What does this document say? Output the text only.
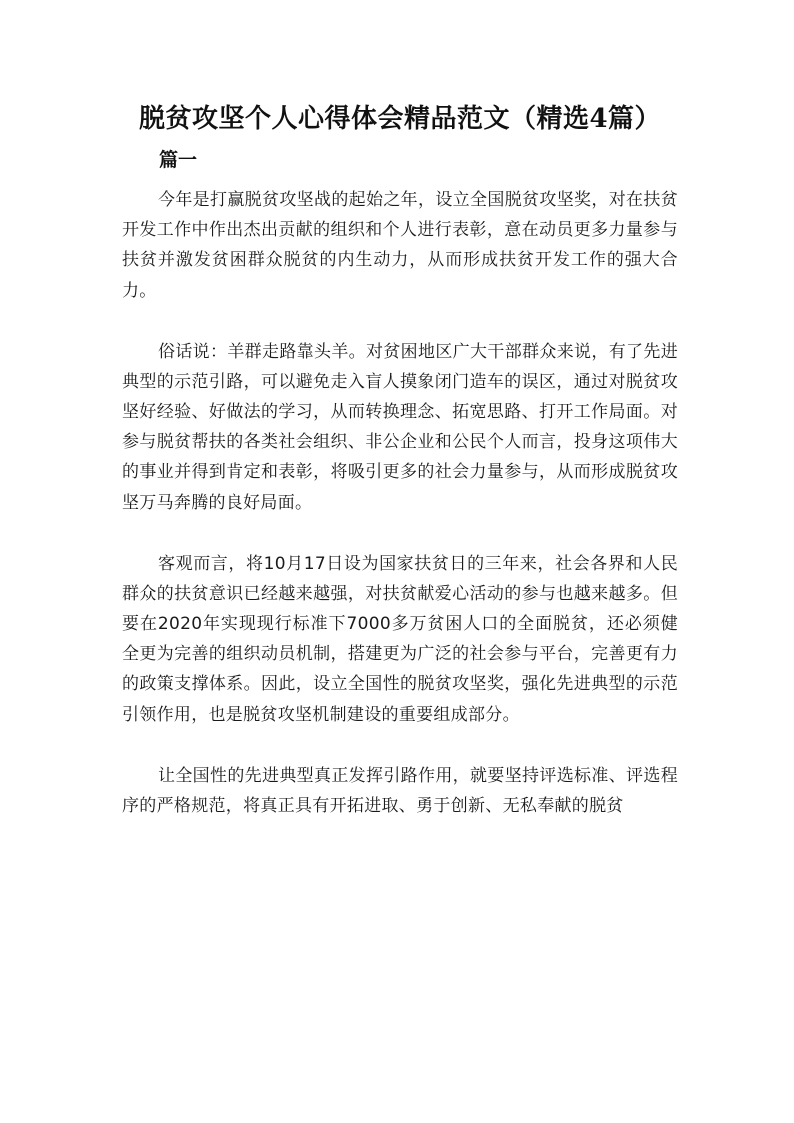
脱贫攻坚个人心得体会精品范文（精选4篇）
篇一

今年是打赢脱贫攻坚战的起始之年，设立全国脱贫攻坚奖，对在扶贫开发工作中作出杰出贡献的组织和个人进行表彰，意在动员更多力量参与扶贫并激发贫困群众脱贫的内生动力，从而形成扶贫开发工作的强大合力。

俗话说：羊群走路靠头羊。对贫困地区广大干部群众来说，有了先进典型的示范引路，可以避免走入盲人摸象闭门造车的误区，通过对脱贫攻坚好经验、好做法的学习，从而转换理念、拓宽思路、打开工作局面。对参与脱贫帮扶的各类社会组织、非公企业和公民个人而言，投身这项伟大的事业并得到肯定和表彰，将吸引更多的社会力量参与，从而形成脱贫攻坚万马奔腾的良好局面。

客观而言，将10月17日设为国家扶贫日的三年来，社会各界和人民群众的扶贫意识已经越来越强，对扶贫献爱心活动的参与也越来越多。但要在2020年实现现行标准下7000多万贫困人口的全面脱贫，还必须健全更为完善的组织动员机制，搭建更为广泛的社会参与平台，完善更有力的政策支撑体系。因此，设立全国性的脱贫攻坚奖，强化先进典型的示范引领作用，也是脱贫攻坚机制建设的重要组成部分。

让全国性的先进典型真正发挥引路作用，就要坚持评选标准、评选程序的严格规范，将真正具有开拓进取、勇于创新、无私奉献的脱贫
